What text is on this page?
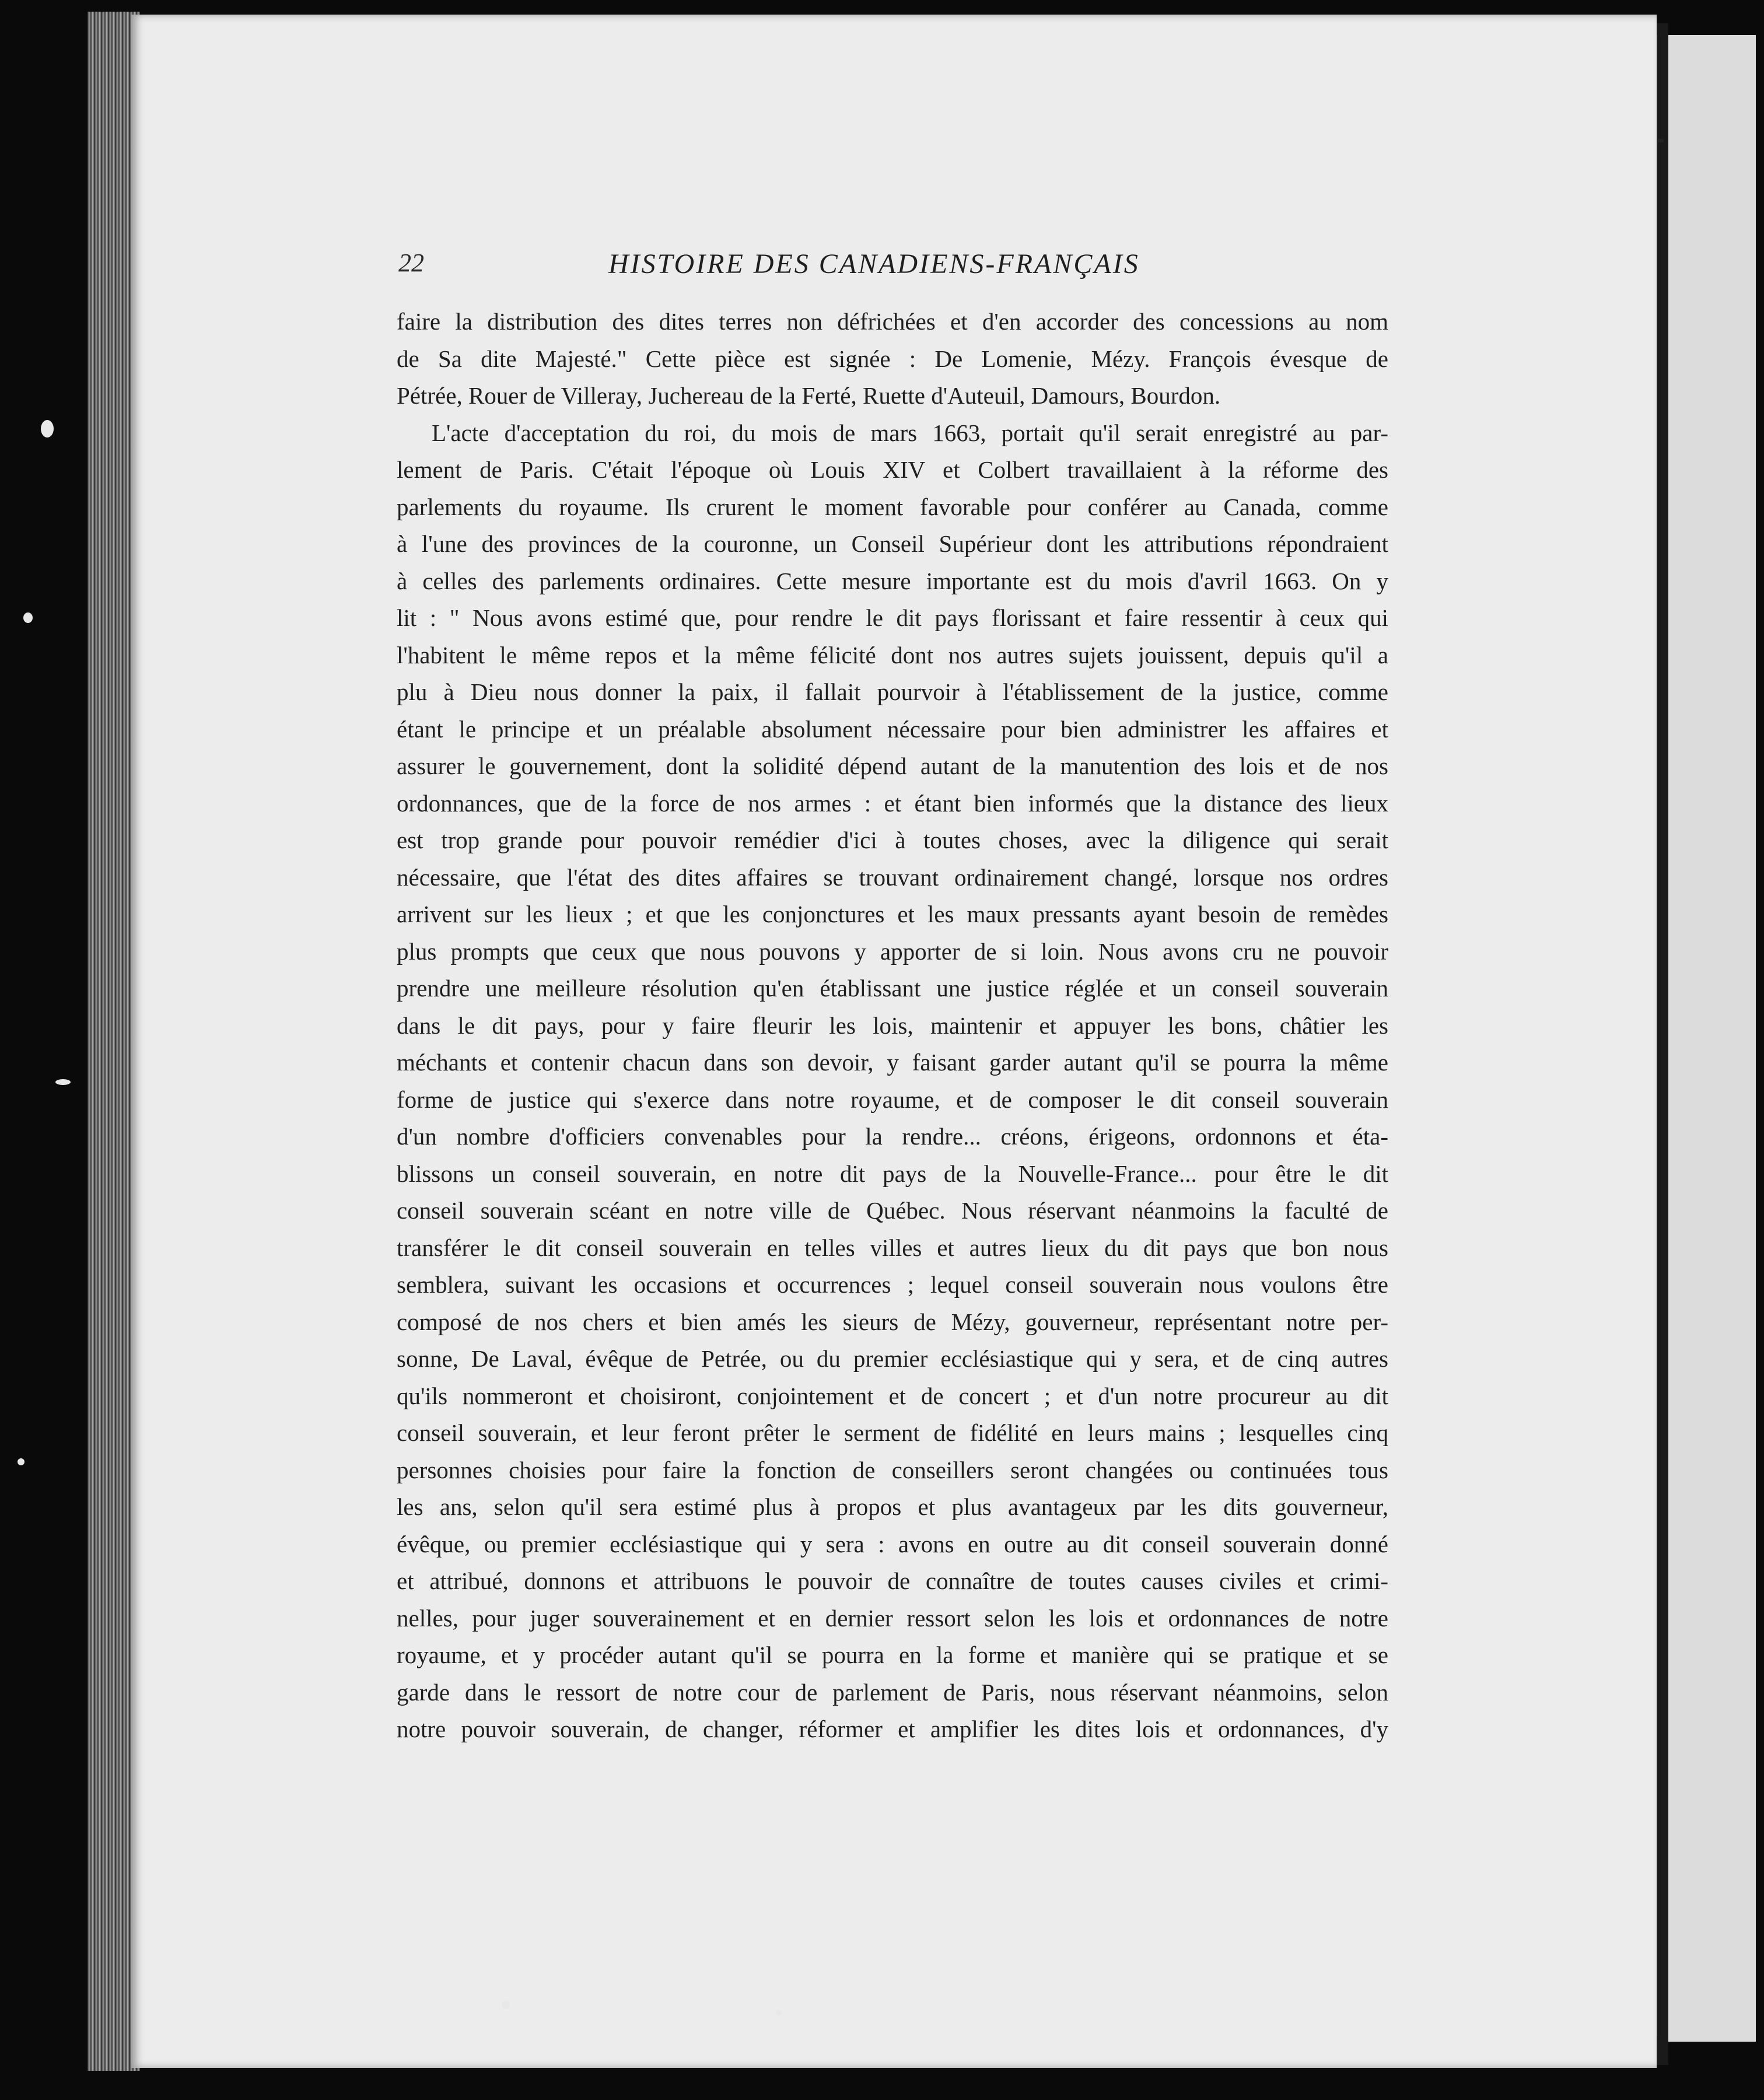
22	HISTOIRE DES CANADIENS-FRANÇAIS
faire la distribution des dites terres non défrichées et d'en accorder des concessions au nom
de Sa dite Majesté." Cette pièce est signée : De Lomenie, Mézy. François évesque de
Pétrée, Rouer de Villeray, Juchereau de la Ferté, Ruette d'Auteuil, Damours, Bourdon.
L'acte d'acceptation du roi, du mois de mars 1663, portait qu'il serait enregistré au par-
lement de Paris. C'était l'époque où Louis XIV et Colbert travaillaient à la réforme des
parlements du royaume. Ils crurent le moment favorable pour conférer au Canada, comme
à l'une des provinces de la couronne, un Conseil Supérieur dont les attributions répondraient
à celles des parlements ordinaires. Cette mesure importante est du mois d'avril 1663. On y
lit : " Nous avons estimé que, pour rendre le dit pays florissant et faire ressentir à ceux qui
l'habitent le même repos et la même félicité dont nos autres sujets jouissent, depuis qu'il a
plu à Dieu nous donner la paix, il fallait pourvoir à l'établissement de la justice, comme
étant le principe et un préalable absolument nécessaire pour bien administrer les affaires et
assurer le gouvernement, dont la solidité dépend autant de la manutention des lois et de nos
ordonnances, que de la force de nos armes : et étant bien informés que la distance des lieux
est trop grande pour pouvoir remédier d'ici à toutes choses, avec la diligence qui serait
nécessaire, que l'état des dites affaires se trouvant ordinairement changé, lorsque nos ordres
arrivent sur les lieux ; et que les conjonctures et les maux pressants ayant besoin de remèdes
plus prompts que ceux que nous pouvons y apporter de si loin. Nous avons cru ne pouvoir
prendre une meilleure résolution qu'en établissant une justice réglée et un conseil souverain
dans le dit pays, pour y faire fleurir les lois, maintenir et appuyer les bons, châtier les
méchants et contenir chacun dans son devoir, y faisant garder autant qu'il se pourra la même
forme de justice qui s'exerce dans notre royaume, et de composer le dit conseil souverain
d'un nombre d'officiers convenables pour la rendre... créons, érigeons, ordonnons et éta-
blissons un conseil souverain, en notre dit pays de la Nouvelle-France... pour être le dit
conseil souverain scéant en notre ville de Québec. Nous réservant néanmoins la faculté de
transférer le dit conseil souverain en telles villes et autres lieux du dit pays que bon nous
semblera, suivant les occasions et occurrences ; lequel conseil souverain nous voulons être
composé de nos chers et bien amés les sieurs de Mézy, gouverneur, représentant notre per-
sonne, De Laval, évêque de Petrée, ou du premier ecclésiastique qui y sera, et de cinq autres
qu'ils nommeront et choisiront, conjointement et de concert ; et d'un notre procureur au dit
conseil souverain, et leur feront prêter le serment de fidélité en leurs mains ; lesquelles cinq
personnes choisies pour faire la fonction de conseillers seront changées ou continuées tous
les ans, selon qu'il sera estimé plus à propos et plus avantageux par les dits gouverneur,
évêque, ou premier ecclésiastique qui y sera : avons en outre au dit conseil souverain donné
et attribué, donnons et attribuons le pouvoir de connaître de toutes causes civiles et crimi-
nelles, pour juger souverainement et en dernier ressort selon les lois et ordonnances de notre
royaume, et y procéder autant qu'il se pourra en la forme et manière qui se pratique et se
garde dans le ressort de notre cour de parlement de Paris, nous réservant néanmoins, selon
notre pouvoir souverain, de changer, réformer et amplifier les dites lois et ordonnances, d'y
